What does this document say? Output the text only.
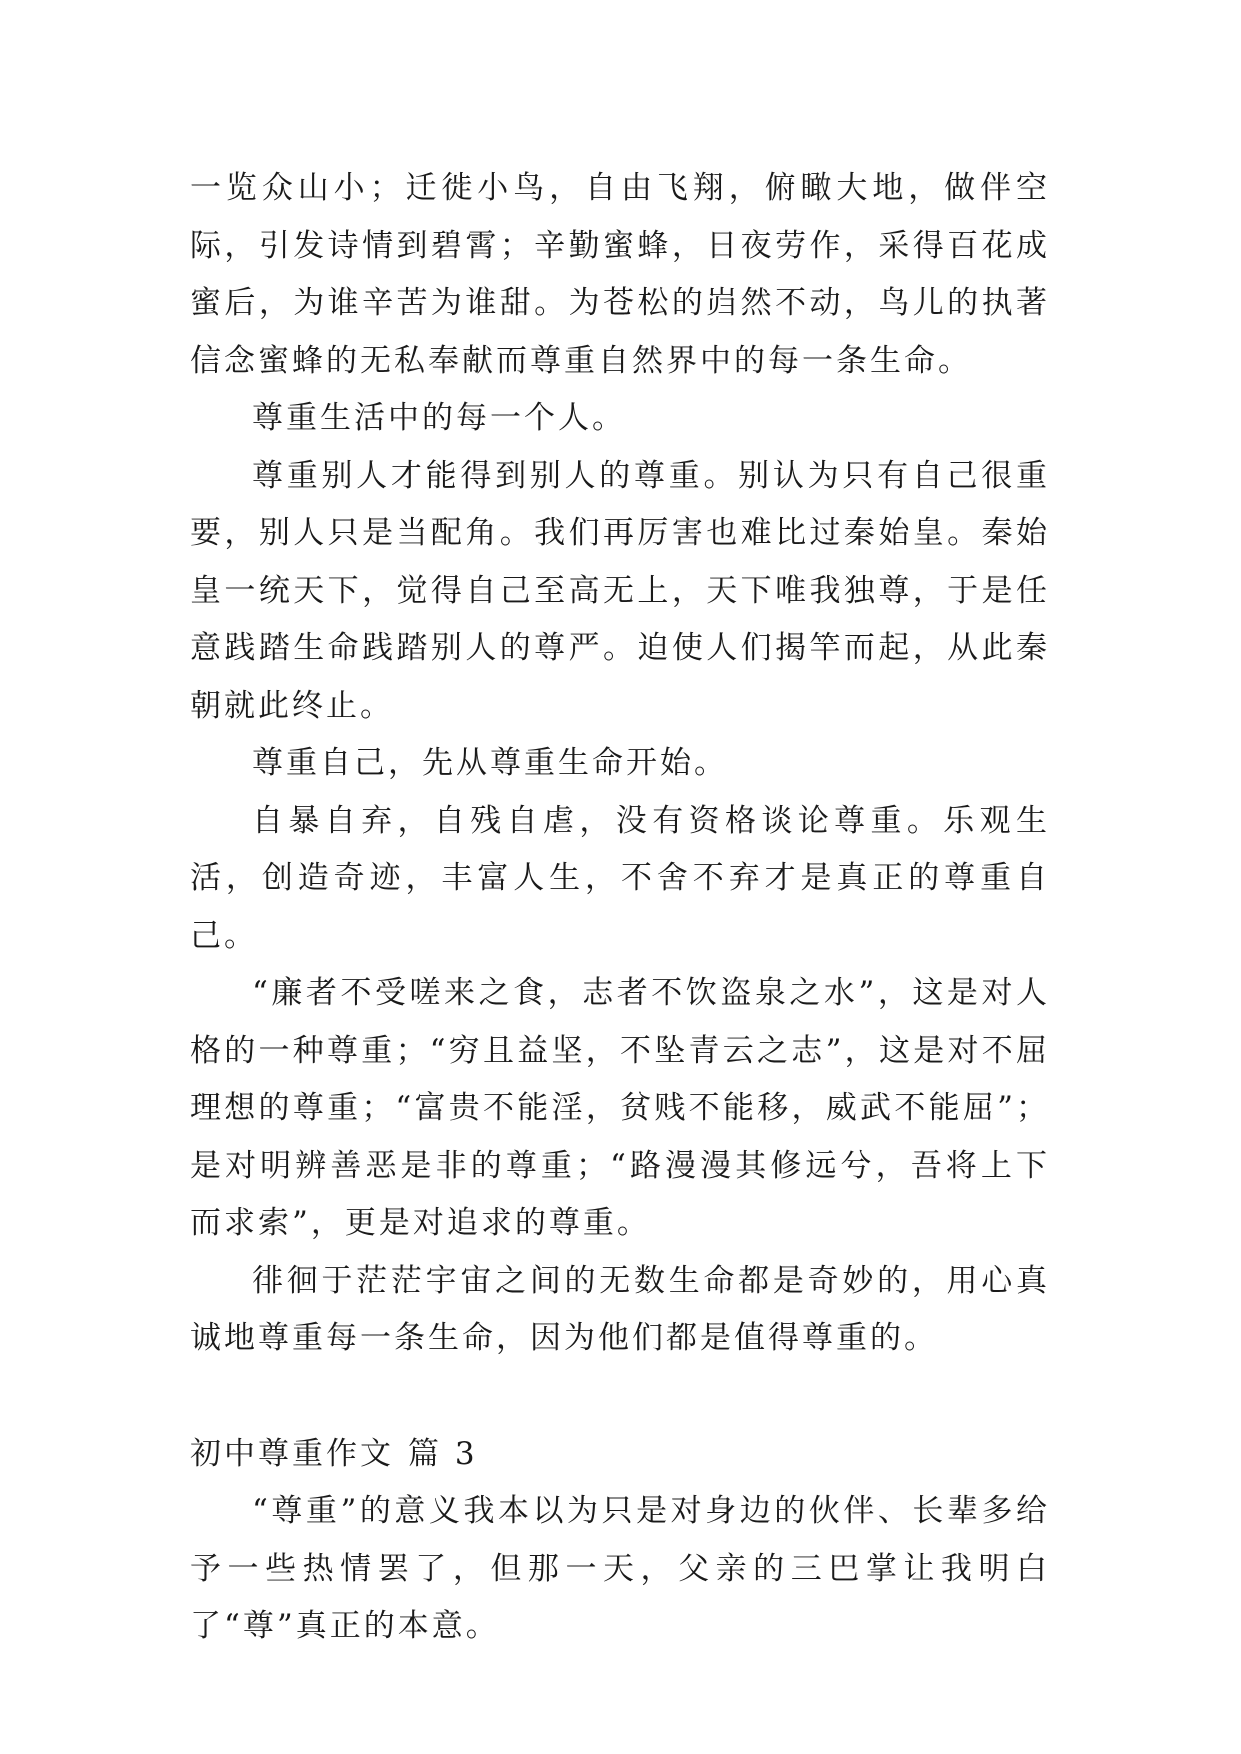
一览众山小；迁徙小鸟，自由飞翔，俯瞰大地，做伴空际，引发诗情到碧霄；辛勤蜜蜂，日夜劳作，采得百花成蜜后，为谁辛苦为谁甜。为苍松的岿然不动，鸟儿的执著信念蜜蜂的无私奉献而尊重自然界中的每一条生命。

尊重生活中的每一个人。

尊重别人才能得到别人的尊重。别认为只有自己很重要，别人只是当配角。我们再厉害也难比过秦始皇。秦始皇一统天下，觉得自己至高无上，天下唯我独尊，于是任意践踏生命践踏别人的尊严。迫使人们揭竿而起，从此秦朝就此终止。

尊重自己，先从尊重生命开始。

自暴自弃，自残自虐，没有资格谈论尊重。乐观生活，创造奇迹，丰富人生，不舍不弃才是真正的尊重自己。

“廉者不受嗟来之食，志者不饮盗泉之水”，这是对人格的一种尊重；“穷且益坚，不坠青云之志”，这是对不屈理想的尊重；“富贵不能淫，贫贱不能移，威武不能屈”；是对明辨善恶是非的尊重；“路漫漫其修远兮，吾将上下而求索”，更是对追求的尊重。

徘徊于茫茫宇宙之间的无数生命都是奇妙的，用心真诚地尊重每一条生命，因为他们都是值得尊重的。

初中尊重作文 篇 3

“尊重”的意义我本以为只是对身边的伙伴、长辈多给予一些热情罢了，但那一天，父亲的三巴掌让我明白了“尊”真正的本意。
